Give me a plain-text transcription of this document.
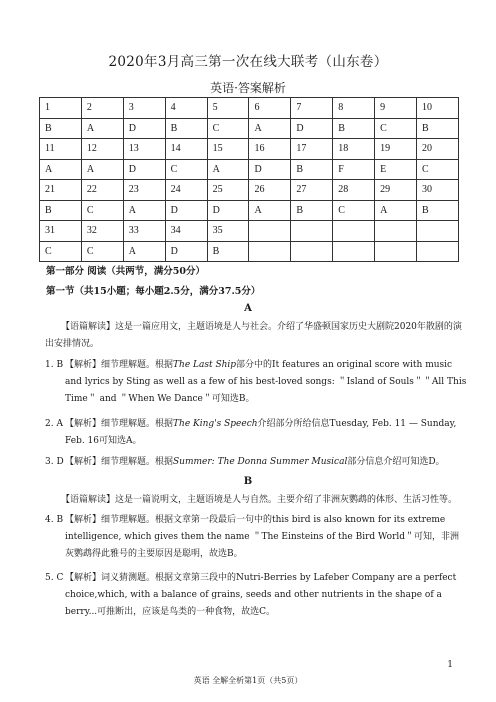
2020年3月高三第一次在线大联考（山东卷）
英语·答案解析
1	2	3	4	5	6	7	8	9	10
B	A	D	B	C	A	D	B	C	B
11	12	13	14	15	16	17	18	19	20
A	A	D	C	A	D	B	F	E	C
21	22	23	24	25	26	27	28	29	30
B	C	A	D	D	A	B	C	A	B
31	32	33	34	35					
C	C	A	D	B					
第一部分 阅读（共两节，满分50分）
第一节（共15小题；每小题2.5分，满分37.5分）
A
【语篇解读】这是一篇应用文，主题语境是人与社会。介绍了华盛顿国家历史大剧院2020年散剧的演出安排情况。
1. B 【解析】细节理解题。根据The Last Ship部分中的It features an original score with music and lyrics by Sting as well as a few of his best-loved songs: ＂Island of Souls＂＂All This Time＂ and ＂When We Dance＂可知选B。
2. A 【解析】细节理解题。根据The King's Speech介绍部分所给信息Tuesday, Feb. 11 — Sunday, Feb. 16可知选A。
3. D【解析】细节理解题。根据Summer: The Donna Summer Musical部分信息介绍可知选D。
B
【语篇解读】这是一篇说明文，主题语境是人与自然。主要介绍了非洲灰鹦鹉的体形、生活习性等。
4. B 【解析】细节理解题。根据文章第一段最后一句中的this bird is also known for its extreme intelligence, which gives them the name ＂The Einsteins of the Bird World＂可知，非洲灰鹦鹉得此雅号的主要原因是聪明，故选B。
5. C 【解析】词义猜测题。根据文章第三段中的Nutri-Berries by Lafeber Company are a perfect choice,which, with a balance of grains, seeds and other nutrients in the shape of a berry...可推断出，应该是鸟类的一种食物，故选C。
1
英语 全解全析第1页（共5页）
